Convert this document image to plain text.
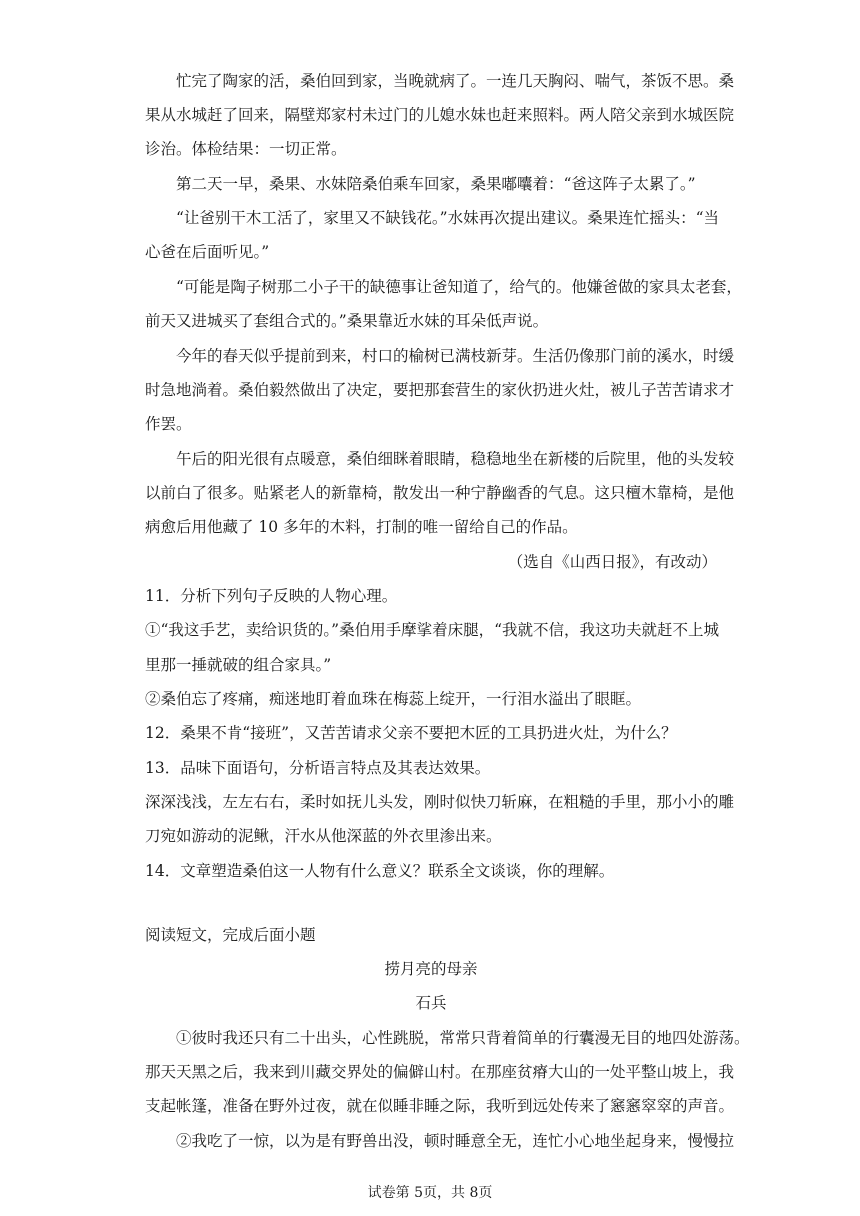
忙完了陶家的活，桑伯回到家，当晚就病了。一连几天胸闷、喘气，茶饭不思。桑
果从水城赶了回来，隔壁郑家村未过门的儿媳水妹也赶来照料。两人陪父亲到水城医院
诊治。体检结果：一切正常。
第二天一早，桑果、水妹陪桑伯乘车回家，桑果嘟囔着：“爸这阵子太累了。”
“让爸别干木工活了，家里又不缺钱花。”水妹再次提出建议。桑果连忙摇头：“当
心爸在后面听见。”
“可能是陶子树那二小子干的缺德事让爸知道了，给气的。他嫌爸做的家具太老套，
前天又进城买了套组合式的。”桑果靠近水妹的耳朵低声说。
今年的春天似乎提前到来，村口的榆树已满枝新芽。生活仍像那门前的溪水，时缓
时急地淌着。桑伯毅然做出了决定，要把那套营生的家伙扔进火灶，被儿子苦苦请求才
作罢。
午后的阳光很有点暖意，桑伯细眯着眼睛，稳稳地坐在新楼的后院里，他的头发较
以前白了很多。贴紧老人的新靠椅，散发出一种宁静幽香的气息。这只檀木靠椅，是他
病愈后用他藏了 10 多年的木料，打制的唯一留给自己的作品。
（选自《山西日报》，有改动）
11．分析下列句子反映的人物心理。
①“我这手艺，卖给识货的。”桑伯用手摩挲着床腿，“我就不信，我这功夫就赶不上城
里那一捶就破的组合家具。”
②桑伯忘了疼痛，痴迷地盯着血珠在梅蕊上绽开，一行泪水溢出了眼眶。
12．桑果不肯“接班”，又苦苦请求父亲不要把木匠的工具扔进火灶，为什么？
13．品味下面语句，分析语言特点及其表达效果。
深深浅浅，左左右右，柔时如抚儿头发，刚时似快刀斩麻，在粗糙的手里，那小小的雕
刀宛如游动的泥鳅，汗水从他深蓝的外衣里渗出来。
14．文章塑造桑伯这一人物有什么意义？联系全文谈谈，你的理解。
阅读短文，完成后面小题
捞月亮的母亲
石兵
①彼时我还只有二十出头，心性跳脱，常常只背着简单的行囊漫无目的地四处游荡。
那天天黑之后，我来到川藏交界处的偏僻山村。在那座贫瘠大山的一处平整山坡上，我
支起帐篷，准备在野外过夜，就在似睡非睡之际，我听到远处传来了窸窸窣窣的声音。
②我吃了一惊，以为是有野兽出没，顿时睡意全无，连忙小心地坐起身来，慢慢拉
试卷第 5页，共 8页
